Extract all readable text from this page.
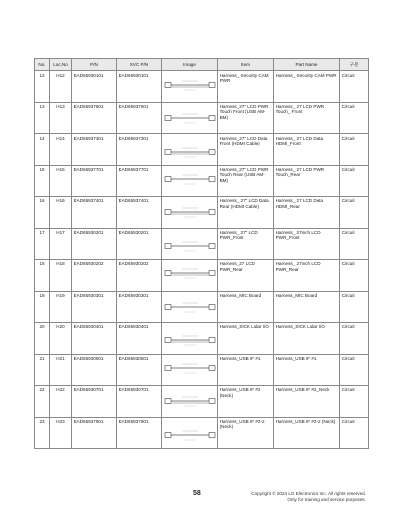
No.	Loc.No	P/N	SVC P/N	Image	Item	Part Name	구분
12	H12	EAD65930101	EAD65930101		Harness_ Security CAM PWR	Harness_ Security CAM PWR	Circuit
13	H13	EAD65937601	EAD65937601		Harness_27" LCD PWR Touch Front (USB AM-BM)	Harness_ 27 LCD PWR Touch_ Front	Circuit
14	H14	EAD65937301	EAD65937301		Harness_27" LCD Data Front (HDMI Cable)	Harness_ 27 LCD Data HDMI_Front	Circuit
15	H15	EAD65937701	EAD65937701		Harness_27" LCD PWR Touch Rear (USB AM-BM)	Harness_ 27 LCD PWR Touch_Rear	Circuit
16	H16	EAD65937401	EAD65937401		Harness_ 27" LCD Data Rear (HDMI Cable)	Harness_ 27 LCD Data HDMI_Rear	Circuit
17	H17	EAD65930201	EAD65930201		Harness_ 27" LCD PWR_Front	Harness_ 27inch LCD PWR_Front	Circuit
18	H18	EAD65930202	EAD65930202		Harness_27 LCD PWR_Rear	Harness_ 27inch LCD PWR_Rear	Circuit
19	H19	EAD65930301	EAD65930301		Harness_MIC Board	Harness_MIC Board	Circuit
20	H20	EAD65930401	EAD65930401		Harness_SICK Lidar I/O	Harness_SICK Lidar I/O	Circuit
21	H21	EAD65930501	EAD65930501		Harness_USB IF #1	Harness_USB IF #1	Circuit
22	H22	EAD65930701	EAD65930701		Harness_USB IF #2 (Neck)	Harness_USB IF #2_Neck	Circuit
23	H23	EAD65937901	EAD65937901		Harness_USB IF #2-2 (Neck)	Harness_USB IF #2-2 (Neck)	Circuit
58	Copyright © 2024 LG Electronics Inc. All rights reserved.
Only for training and service purposes.
